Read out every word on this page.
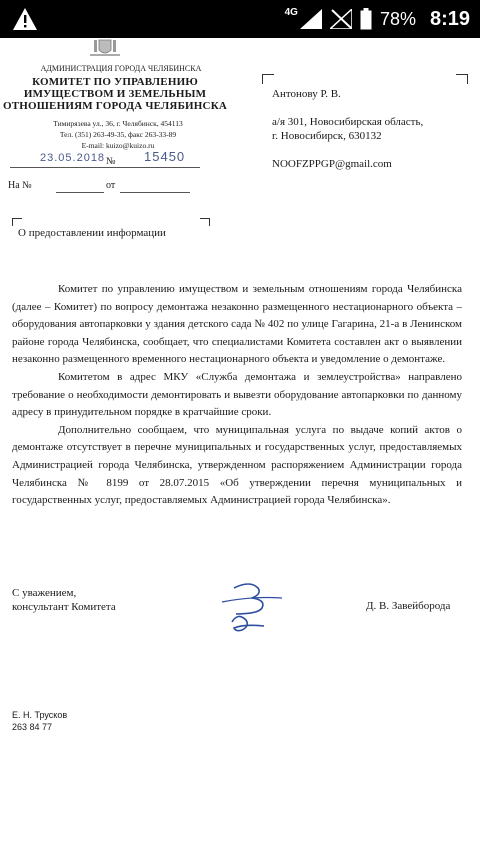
4G	78% 8:19
АДМИНИСТРАЦИЯ ГОРОДА ЧЕЛЯБИНСКА
КОМИТЕТ ПО УПРАВЛЕНИЮ
ИМУЩЕСТВОМ И ЗЕМЕЛЬНЫМ
ОТНОШЕНИЯМ ГОРОДА ЧЕЛЯБИНСКА
Тимирязева ул., 36, г. Челябинск, 454113
Тел. (351) 263-49-35, факс 263-33-89
E-mail: kuizo@kuizo.ru
23.05.2018 № 15450
На №	от
Антонову Р. В.
а/я 301, Новосибирская область,
г. Новосибирск, 630132
NOOFZPPGP@gmail.com
О предоставлении информации

Комитет по управлению имуществом и земельным отношениям города Челябинска (далее – Комитет) по вопросу демонтажа незаконно размещенного нестационарного объекта – оборудования автопарковки у здания детского сада № 402 по улице Гагарина, 21-а в Ленинском районе города Челябинска, сообщает, что специалистами Комитета составлен акт о выявлении незаконно размещенного временного нестационарного объекта и уведомление о демонтаже.

Комитетом в адрес МКУ «Служба демонтажа и землеустройства» направлено требование о необходимости демонтировать и вывезти оборудование автопарковки по данному адресу в принудительном порядке в кратчайшие сроки.

Дополнительно сообщаем, что муниципальная услуга по выдаче копий актов о демонтаже отсутствует в перечне муниципальных и государственных услуг, предоставляемых Администрацией города Челябинска, утвержденном распоряжением Администрации города Челябинска № 8199 от 28.07.2015 «Об утверждении перечня муниципальных и государственных услуг, предоставляемых Администрацией города Челябинска».

С уважением,
консультант Комитета	Д. В. Завейборода
Е. Н. Трусков
263 84 77
